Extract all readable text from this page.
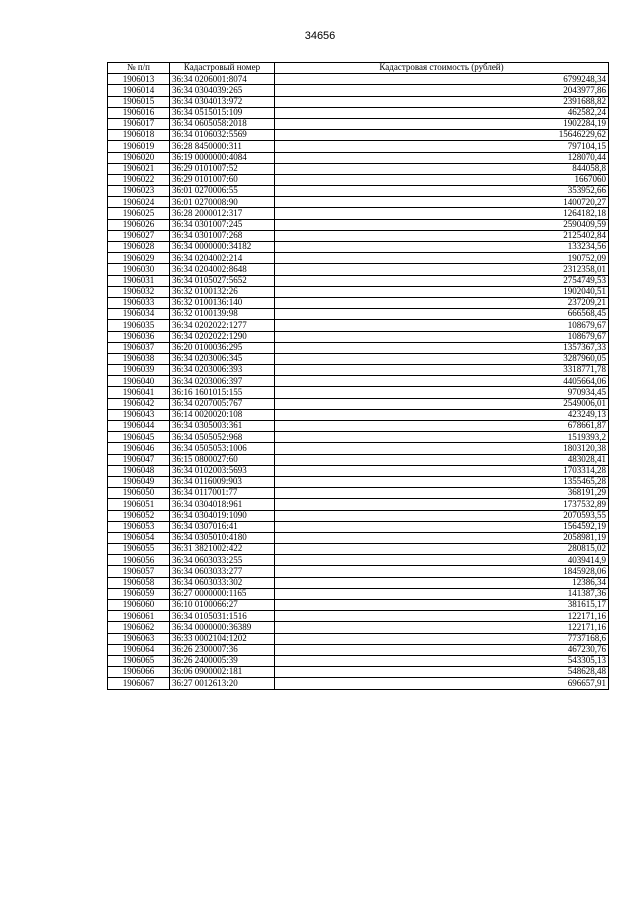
34656
№ п/п	Кадастровый номер	Кадастровая стоимость (рублей)
1906013	36:34 0206001:8074	6799248,34
1906014	36:34 0304039:265	2043977,86
1906015	36:34 0304013:972	2391688,82
1906016	36:34 0515015:109	462582,24
1906017	36:34 0605058:2018	1902284,19
1906018	36:34 0106032:5569	15646229,62
1906019	36:28 8450000:311	797104,15
1906020	36:19 0000000:4084	128070,44
1906021	36:29 0101007:52	844058,8
1906022	36:29 0101007:60	1667060
1906023	36:01 0270006:55	353952,66
1906024	36:01 0270008:90	1400720,27
1906025	36:28 2000012:317	1264182,18
1906026	36:34 0301007:245	2590409,59
1906027	36:34 0301007:268	2125402,84
1906028	36:34 0000000:34182	133234,56
1906029	36:34 0204002:214	190752,09
1906030	36:34 0204002:8648	2312358,01
1906031	36:34 0105027:5652	2754749,53
1906032	36:32 0100132:26	1902040,51
1906033	36:32 0100136:140	237209,21
1906034	36:32 0100139:98	666568,45
1906035	36:34 0202022:1277	108679,67
1906036	36:34 0202022:1290	108679,67
1906037	36:20 0100036:295	1357367,33
1906038	36:34 0203006:345	3287960,05
1906039	36:34 0203006:393	3318771,78
1906040	36:34 0203006:397	4405664,06
1906041	36:16 1601015:155	970934,45
1906042	36:34 0207005:767	2549006,01
1906043	36:14 0020020:108	423249,13
1906044	36:34 0305003:361	678661,87
1906045	36:34 0505052:968	1519393,2
1906046	36:34 0505053:1006	1803120,38
1906047	36:15 0800027:60	483028,41
1906048	36:34 0102003:5693	1703314,28
1906049	36:34 0116009:903	1355465,28
1906050	36:34 0117001:77	368191,29
1906051	36:34 0304018:961	1737532,89
1906052	36:34 0304019:1090	2070593,55
1906053	36:34 0307016:41	1564592,19
1906054	36:34 0305010:4180	2058981,19
1906055	36:31 3821002:422	280815,02
1906056	36:34 0603033:255	4039414,9
1906057	36:34 0603033:277	1845928,06
1906058	36:34 0603033:302	12386,34
1906059	36:27 0000000:1165	141387,36
1906060	36:10 0100066:27	381615,17
1906061	36:34 0105031:1516	122171,16
1906062	36:34 0000000:36389	122171,16
1906063	36:33 0002104:1202	7737168,6
1906064	36:26 2300007:36	467230,76
1906065	36:26 2400005:39	543305,13
1906066	36:06 0900002:181	548628,48
1906067	36:27 0012613:20	696657,91
